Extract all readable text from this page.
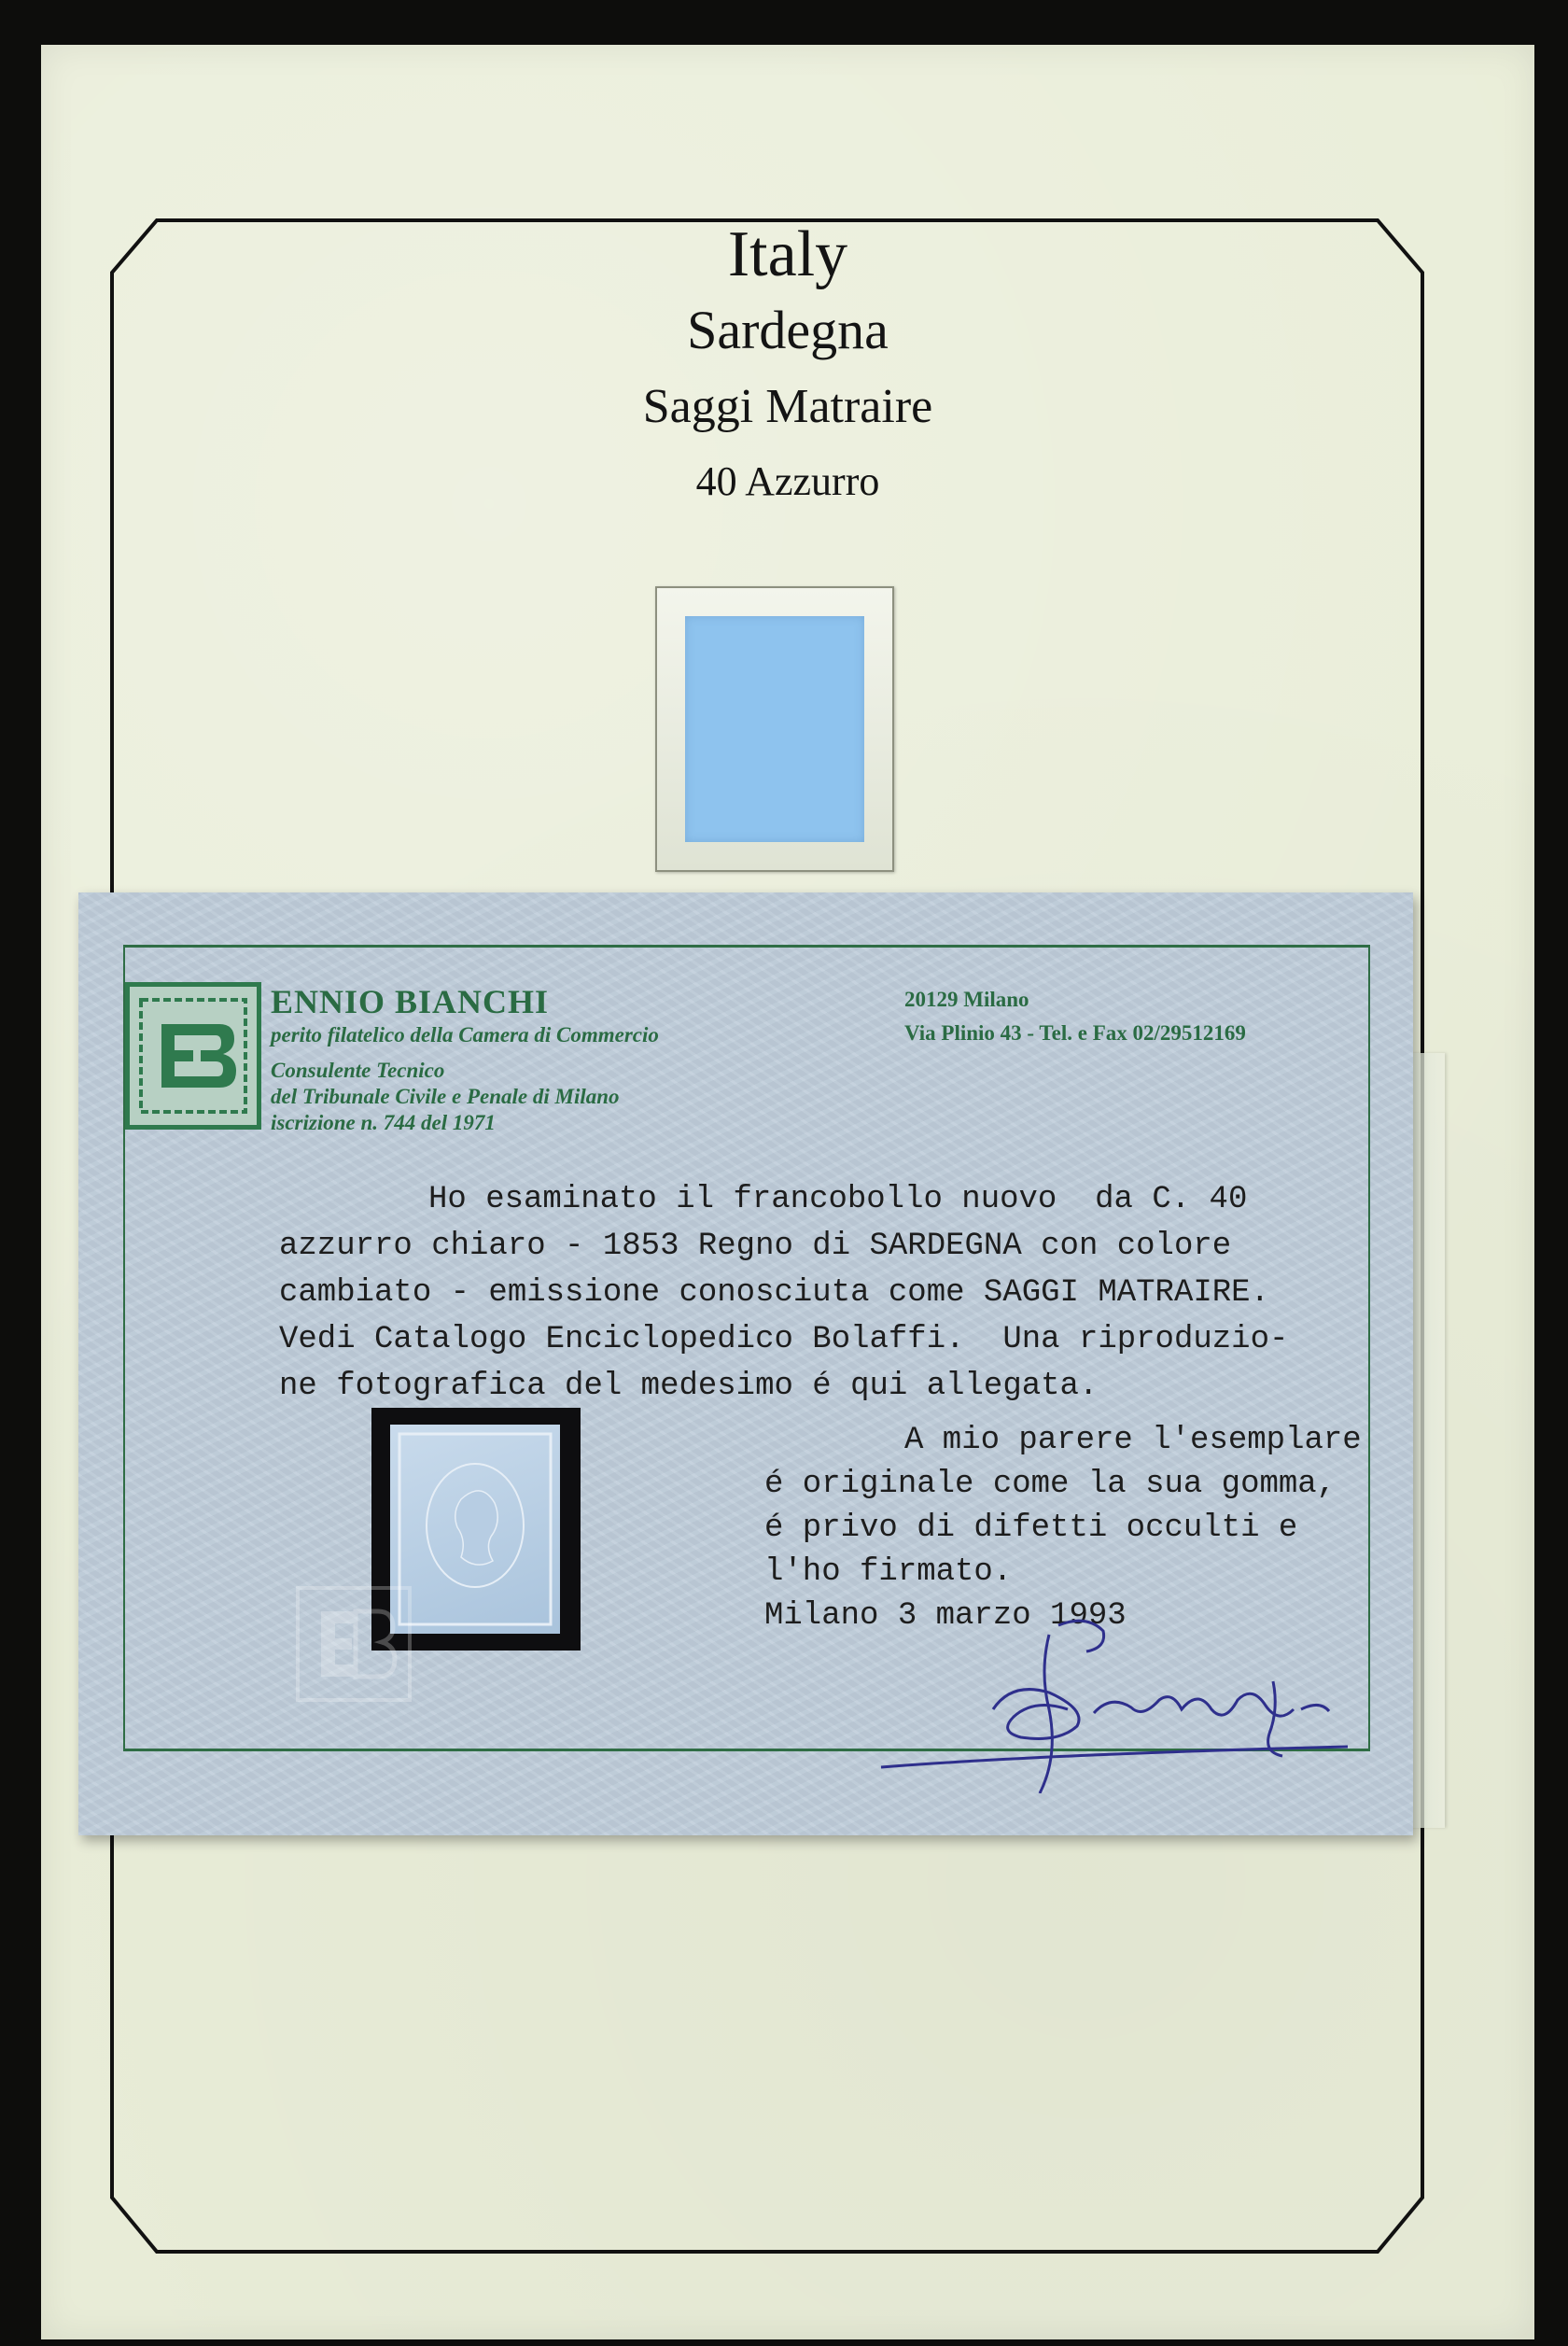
Italy
Sardegna
Saggi Matraire
40 Azzurro
ENNIO BIANCHI
perito filatelico della Camera di Commercio
Consulente Tecnico
del Tribunale Civile e Penale di Milano
iscrizione n. 744 del 1971
20129 Milano
Via Plinio 43 - Tel. e Fax 02/29512169
Ho esaminato il francobollo nuovo  da C. 40
azzurro chiaro - 1853 Regno di SARDEGNA con colore
cambiato - emissione conosciuta come SAGGI MATRAIRE.
Vedi Catalogo Enciclopedico Bolaffi.  Una riproduzio-
ne fotografica del medesimo é qui allegata.
A mio parere l'esemplare
é originale come la sua gomma,
é privo di difetti occulti e
l'ho firmato.
Milano 3 marzo 1993
